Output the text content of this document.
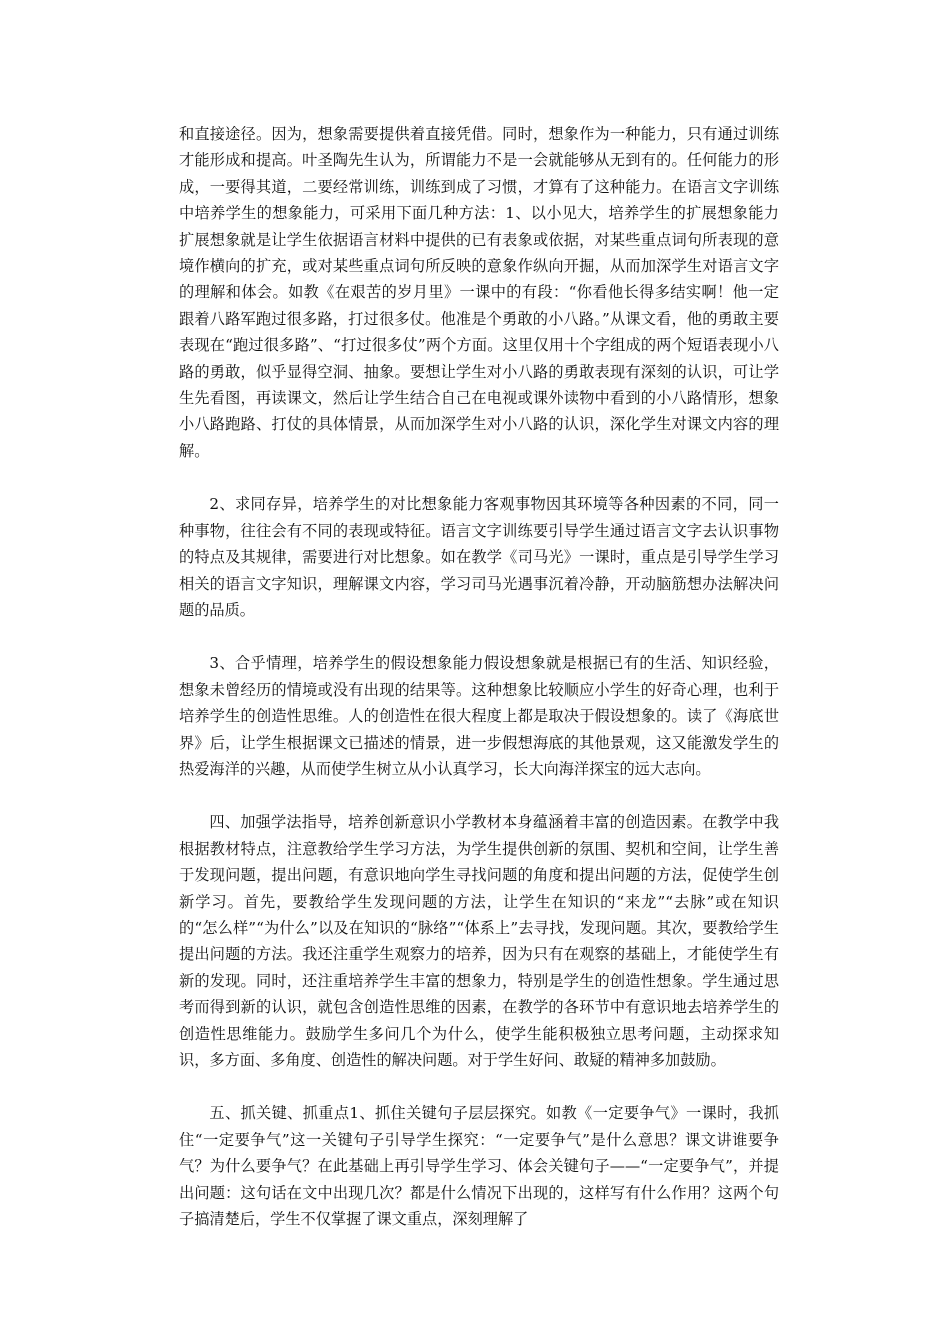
和直接途径。因为，想象需要提供着直接凭借。同时，想象作为一种能力，只有通过训练才能形成和提高。叶圣陶先生认为，所谓能力不是一会就能够从无到有的。任何能力的形成，一要得其道，二要经常训练，训练到成了习惯，才算有了这种能力。在语言文字训练中培养学生的想象能力，可采用下面几种方法：1、以小见大，培养学生的扩展想象能力扩展想象就是让学生依据语言材料中提供的已有表象或依据，对某些重点词句所表现的意境作横向的扩充，或对某些重点词句所反映的意象作纵向开掘，从而加深学生对语言文字的理解和体会。如教《在艰苦的岁月里》一课中的有段：“你看他长得多结实啊！他一定跟着八路军跑过很多路，打过很多仗。他准是个勇敢的小八路。”从课文看，他的勇敢主要表现在“跑过很多路”、“打过很多仗”两个方面。这里仅用十个字组成的两个短语表现小八路的勇敢，似乎显得空洞、抽象。要想让学生对小八路的勇敢表现有深刻的认识，可让学生先看图，再读课文，然后让学生结合自己在电视或课外读物中看到的小八路情形，想象小八路跑路、打仗的具体情景，从而加深学生对小八路的认识，深化学生对课文内容的理解。

2、求同存异，培养学生的对比想象能力客观事物因其环境等各种因素的不同，同一种事物，往往会有不同的表现或特征。语言文字训练要引导学生通过语言文字去认识事物的特点及其规律，需要进行对比想象。如在教学《司马光》一课时，重点是引导学生学习相关的语言文字知识，理解课文内容，学习司马光遇事沉着冷静，开动脑筋想办法解决问题的品质。

3、合乎情理，培养学生的假设想象能力假设想象就是根据已有的生活、知识经验，想象未曾经历的情境或没有出现的结果等。这种想象比较顺应小学生的好奇心理，也利于培养学生的创造性思维。人的创造性在很大程度上都是取决于假设想象的。读了《海底世界》后，让学生根据课文已描述的情景，进一步假想海底的其他景观，这又能激发学生的热爱海洋的兴趣，从而使学生树立从小认真学习，长大向海洋探宝的远大志向。

四、加强学法指导，培养创新意识小学教材本身蕴涵着丰富的创造因素。在教学中我根据教材特点，注意教给学生学习方法，为学生提供创新的氛围、契机和空间，让学生善于发现问题，提出问题，有意识地向学生寻找问题的角度和提出问题的方法，促使学生创新学习。首先，要教给学生发现问题的方法，让学生在知识的“来龙”“去脉”或在知识的“怎么样”“为什么”以及在知识的“脉络”“体系上”去寻找，发现问题。其次，要教给学生提出问题的方法。我还注重学生观察力的培养，因为只有在观察的基础上，才能使学生有新的发现。同时，还注重培养学生丰富的想象力，特别是学生的创造性想象。学生通过思考而得到新的认识，就包含创造性思维的因素，在教学的各环节中有意识地去培养学生的创造性思维能力。鼓励学生多问几个为什么，使学生能积极独立思考问题，主动探求知识，多方面、多角度、创造性的解决问题。对于学生好问、敢疑的精神多加鼓励。

五、抓关键、抓重点1、抓住关键句子层层探究。如教《一定要争气》一课时，我抓住“一定要争气”这一关键句子引导学生探究：“一定要争气”是什么意思？课文讲谁要争气？为什么要争气？在此基础上再引导学生学习、体会关键句子——“一定要争气”，并提出问题：这句话在文中出现几次？都是什么情况下出现的，这样写有什么作用？这两个句子搞清楚后，学生不仅掌握了课文重点，深刻理解了
